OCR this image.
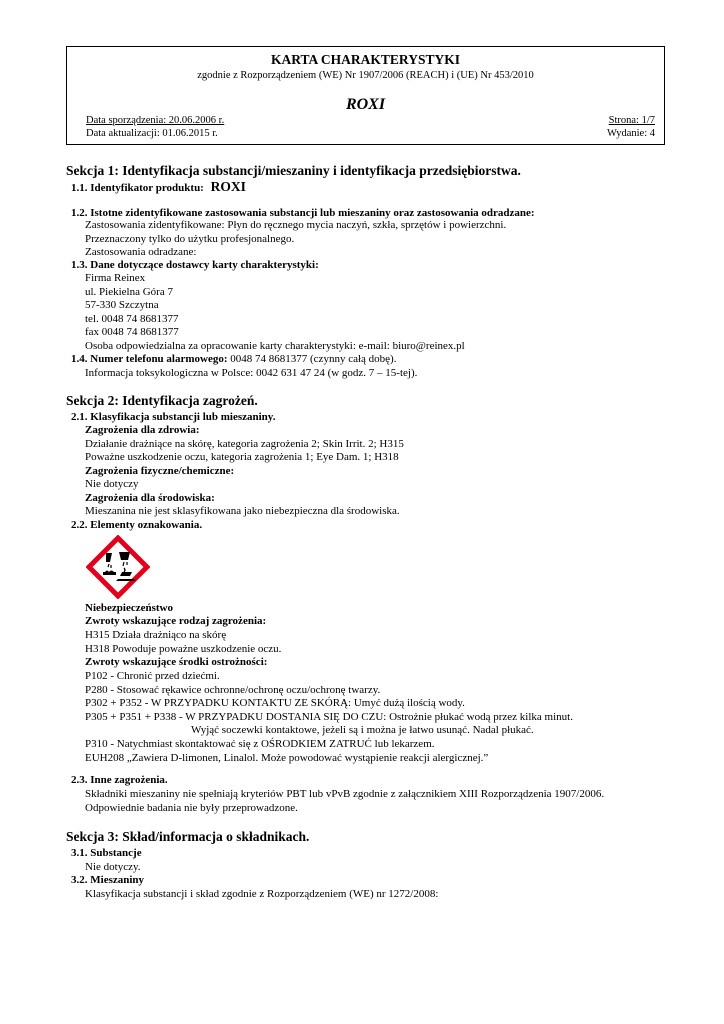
KARTA CHARAKTERYSTYKI
zgodnie z Rozporządzeniem (WE) Nr 1907/2006 (REACH) i (UE) Nr 453/2010
ROXI
Data sporządzenia: 20.06.2006 r.
Data aktualizacji: 01.06.2015 r.
Strona: 1/7
Wydanie: 4
Sekcja 1: Identyfikacja substancji/mieszaniny i identyfikacja przedsiębiorstwa.
1.1. Identyfikator produktu: ROXI
1.2. Istotne zidentyfikowane zastosowania substancji lub mieszaniny oraz zastosowania odradzane:
Zastosowania zidentyfikowane: Płyn do ręcznego mycia naczyń, szkła, sprzętów i powierzchni.
Przeznaczony tylko do użytku profesjonalnego.
Zastosowania odradzane:
1.3. Dane dotyczące dostawcy karty charakterystyki:
Firma Reinex
ul. Piekielna Góra 7
57-330 Szczytna
tel. 0048 74 8681377
fax 0048 74 8681377
Osoba odpowiedzialna za opracowanie karty charakterystyki: e-mail: biuro@reinex.pl
1.4. Numer telefonu alarmowego: 0048 74 8681377 (czynny całą dobę).
Informacja toksykologiczna w Polsce: 0042 631 47 24 (w godz. 7 – 15-tej).
Sekcja 2: Identyfikacja zagrożeń.
2.1. Klasyfikacja substancji lub mieszaniny.
Zagrożenia dla zdrowia:
Działanie drażniące na skórę, kategoria zagrożenia 2; Skin Irrit. 2; H315
Poważne uszkodzenie oczu, kategoria zagrożenia 1; Eye Dam. 1; H318
Zagrożenia fizyczne/chemiczne:
Nie dotyczy
Zagrożenia dla środowiska:
Mieszanina nie jest sklasyfikowana jako niebezpieczna dla środowiska.
2.2. Elementy oznakowania.
Niebezpieczeństwo
Zwroty wskazujące rodzaj zagrożenia:
H315 Działa drażniąco na skórę
H318 Powoduje poważne uszkodzenie oczu.
Zwroty wskazujące środki ostrożności:
P102 - Chronić przed dziećmi.
P280 - Stosować rękawice ochronne/ochronę oczu/ochronę twarzy.
P302 + P352 - W PRZYPADKU KONTAKTU ZE SKÓRĄ: Umyć dużą ilością wody.
P305 + P351 + P338 - W PRZYPADKU DOSTANIA SIĘ DO CZU: Ostrożnie płukać wodą przez kilka minut.
Wyjąć soczewki kontaktowe, jeżeli są i można je łatwo usunąć. Nadal płukać.
P310 - Natychmiast skontaktować się z OŚRODKIEM ZATRUĆ lub lekarzem.
EUH208 „Zawiera D-limonen, Linalol. Może powodować wystąpienie reakcji alergicznej.”
2.3. Inne zagrożenia.
Składniki mieszaniny nie spełniają kryteriów PBT lub vPvB zgodnie z załącznikiem XIII Rozporządzenia 1907/2006.
Odpowiednie badania nie były przeprowadzone.
Sekcja 3: Skład/informacja o składnikach.
3.1. Substancje
Nie dotyczy.
3.2. Mieszaniny
Klasyfikacja substancji i skład zgodnie z Rozporządzeniem (WE) nr 1272/2008:
